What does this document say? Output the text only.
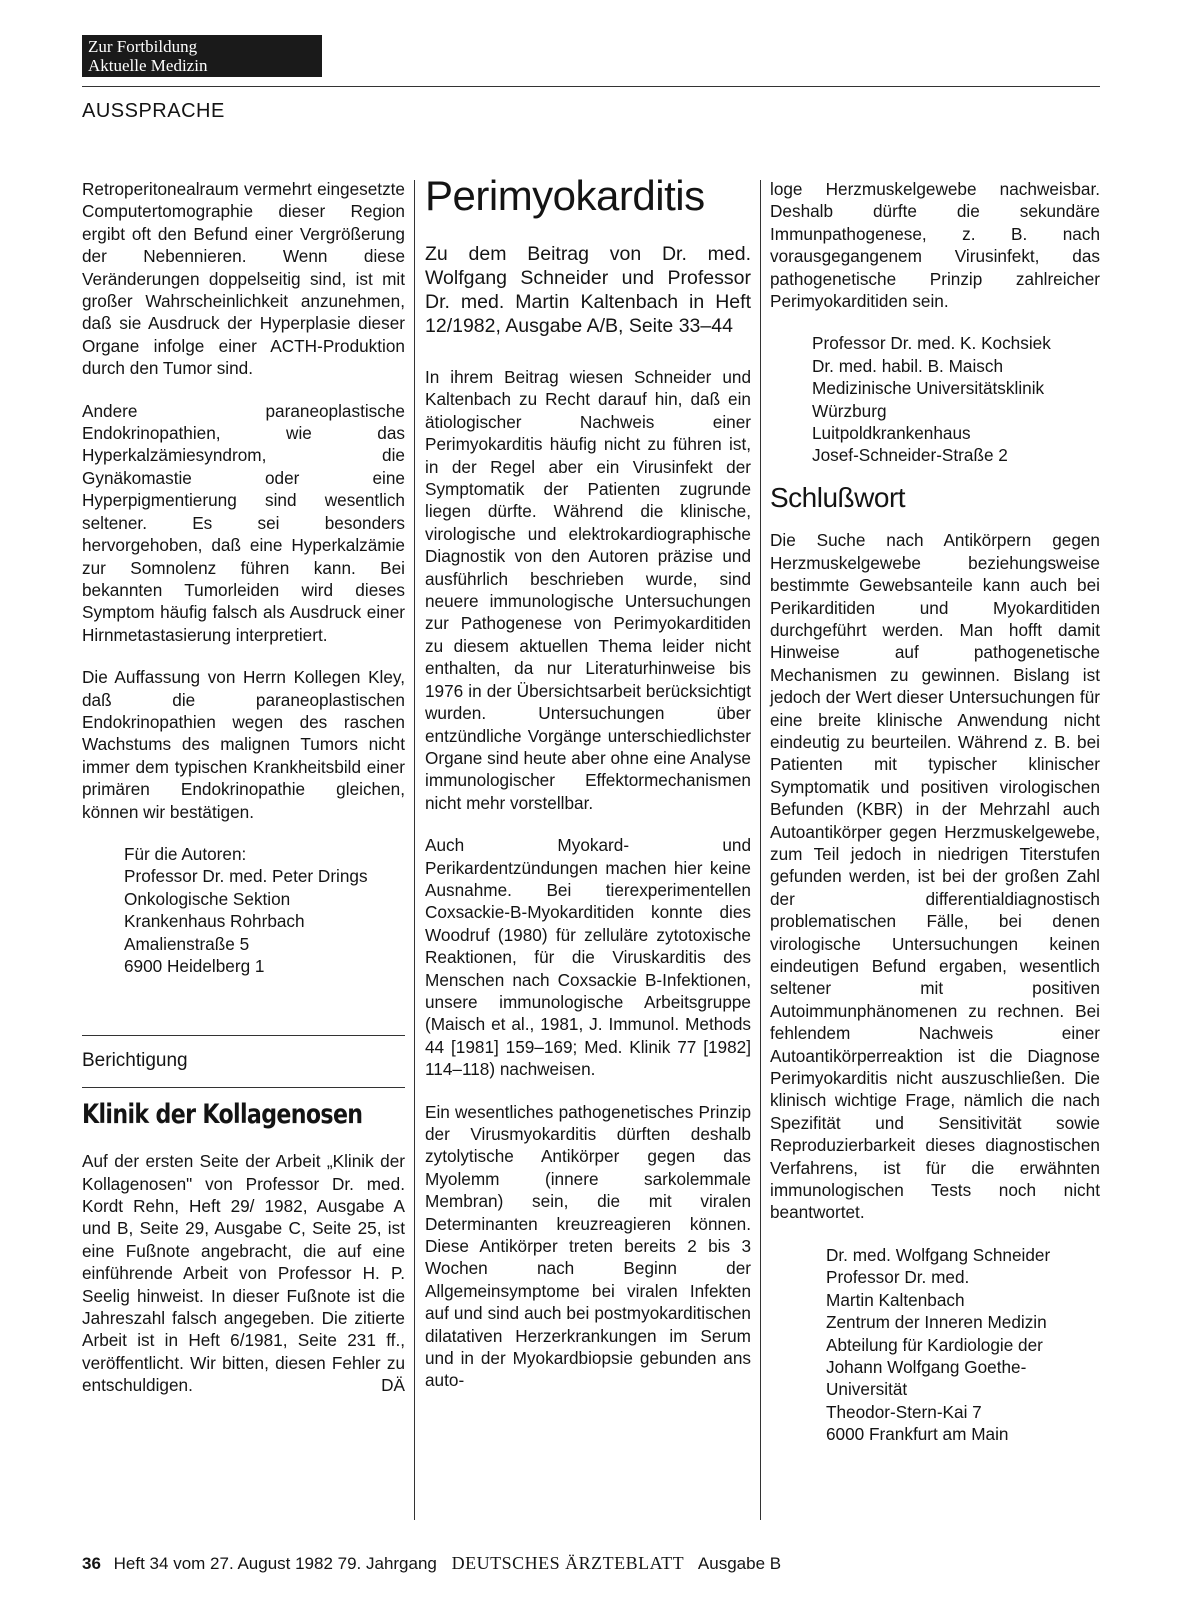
Zur Fortbildung
Aktuelle Medizin
AUSSPRACHE

Retroperitonealraum vermehrt eingesetzte Computertomographie dieser Region ergibt oft den Befund einer Vergrößerung der Nebennieren. Wenn diese Veränderungen doppelseitig sind, ist mit großer Wahrscheinlichkeit anzunehmen, daß sie Ausdruck der Hyperplasie dieser Organe infolge einer ACTH-Produktion durch den Tumor sind.

Andere paraneoplastische Endokrinopathien, wie das Hyperkalzämiesyndrom, die Gynäkomastie oder eine Hyperpigmentierung sind wesentlich seltener. Es sei besonders hervorgehoben, daß eine Hyperkalzämie zur Somnolenz führen kann. Bei bekannten Tumorleiden wird dieses Symptom häufig falsch als Ausdruck einer Hirnmetastasierung interpretiert.

Die Auffassung von Herrn Kollegen Kley, daß die paraneoplastischen Endokrinopathien wegen des raschen Wachstums des malignen Tumors nicht immer dem typischen Krankheitsbild einer primären Endokrinopathie gleichen, können wir bestätigen.

Für die Autoren:
Professor Dr. med. Peter Drings
Onkologische Sektion
Krankenhaus Rohrbach
Amalienstraße 5
6900 Heidelberg 1
Berichtigung
Klinik der Kollagenosen

Auf der ersten Seite der Arbeit „Klinik der Kollagenosen" von Professor Dr. med. Kordt Rehn, Heft 29/ 1982, Ausgabe A und B, Seite 29, Ausgabe C, Seite 25, ist eine Fußnote angebracht, die auf eine einführende Arbeit von Professor H. P. Seelig hinweist. In dieser Fußnote ist die Jahreszahl falsch angegeben. Die zitierte Arbeit ist in Heft 6/1981, Seite 231 ff., veröffentlicht. Wir bitten, diesen Fehler zu entschuldigen.	DÄ

Perimyokarditis
Zu dem Beitrag von Dr. med. Wolfgang Schneider und Professor Dr. med. Martin Kaltenbach in Heft 12/1982, Ausgabe A/B, Seite 33–44

In ihrem Beitrag wiesen Schneider und Kaltenbach zu Recht darauf hin, daß ein ätiologischer Nachweis einer Perimyokarditis häufig nicht zu führen ist, in der Regel aber ein Virusinfekt der Symptomatik der Patienten zugrunde liegen dürfte. Während die klinische, virologische und elektrokardiographische Diagnostik von den Autoren präzise und ausführlich beschrieben wurde, sind neuere immunologische Untersuchungen zur Pathogenese von Perimyokarditiden zu diesem aktuellen Thema leider nicht enthalten, da nur Literaturhinweise bis 1976 in der Übersichtsarbeit berücksichtigt wurden. Untersuchungen über entzündliche Vorgänge unterschiedlichster Organe sind heute aber ohne eine Analyse immunologischer Effektormechanismen nicht mehr vorstellbar.

Auch Myokard- und Perikardentzündungen machen hier keine Ausnahme. Bei tierexperimentellen Coxsackie-B-Myokarditiden konnte dies Woodruf (1980) für zelluläre zytotoxische Reaktionen, für die Viruskarditis des Menschen nach Coxsackie B-Infektionen, unsere immunologische Arbeitsgruppe (Maisch et al., 1981, J. Immunol. Methods 44 [1981] 159–169; Med. Klinik 77 [1982] 114–118) nachweisen.

Ein wesentliches pathogenetisches Prinzip der Virusmyokarditis dürften deshalb zytolytische Antikörper gegen das Myolemm (innere sarkolemmale Membran) sein, die mit viralen Determinanten kreuzreagieren können. Diese Antikörper treten bereits 2 bis 3 Wochen nach Beginn der Allgemeinsymptome bei viralen Infekten auf und sind auch bei postmyokarditischen dilatativen Herzerkrankungen im Serum und in der Myokardbiopsie gebunden ans auto-

loge Herzmuskelgewebe nachweisbar. Deshalb dürfte die sekundäre Immunpathogenese, z. B. nach vorausgegangenem Virusinfekt, das pathogenetische Prinzip zahlreicher Perimyokarditiden sein.

Professor Dr. med. K. Kochsiek
Dr. med. habil. B. Maisch
Medizinische Universitätsklinik
Würzburg
Luitpoldkrankenhaus
Josef-Schneider-Straße 2
Schlußwort

Die Suche nach Antikörpern gegen Herzmuskelgewebe beziehungsweise bestimmte Gewebsanteile kann auch bei Perikarditiden und Myokarditiden durchgeführt werden. Man hofft damit Hinweise auf pathogenetische Mechanismen zu gewinnen. Bislang ist jedoch der Wert dieser Untersuchungen für eine breite klinische Anwendung nicht eindeutig zu beurteilen. Während z. B. bei Patienten mit typischer klinischer Symptomatik und positiven virologischen Befunden (KBR) in der Mehrzahl auch Autoantikörper gegen Herzmuskelgewebe, zum Teil jedoch in niedrigen Titerstufen gefunden werden, ist bei der großen Zahl der differentialdiagnostisch problematischen Fälle, bei denen virologische Untersuchungen keinen eindeutigen Befund ergaben, wesentlich seltener mit positiven Autoimmunphänomenen zu rechnen. Bei fehlendem Nachweis einer Autoantikörperreaktion ist die Diagnose Perimyokarditis nicht auszuschließen. Die klinisch wichtige Frage, nämlich die nach Spezifität und Sensitivität sowie Reproduzierbarkeit dieses diagnostischen Verfahrens, ist für die erwähnten immunologischen Tests noch nicht beantwortet.

Dr. med. Wolfgang Schneider
Professor Dr. med.
Martin Kaltenbach
Zentrum der Inneren Medizin
Abteilung für Kardiologie der
Johann Wolfgang Goethe-
Universität
Theodor-Stern-Kai 7
6000 Frankfurt am Main
36 Heft 34 vom 27. August 1982 79. Jahrgang DEUTSCHES ÄRZTEBLATT Ausgabe B
